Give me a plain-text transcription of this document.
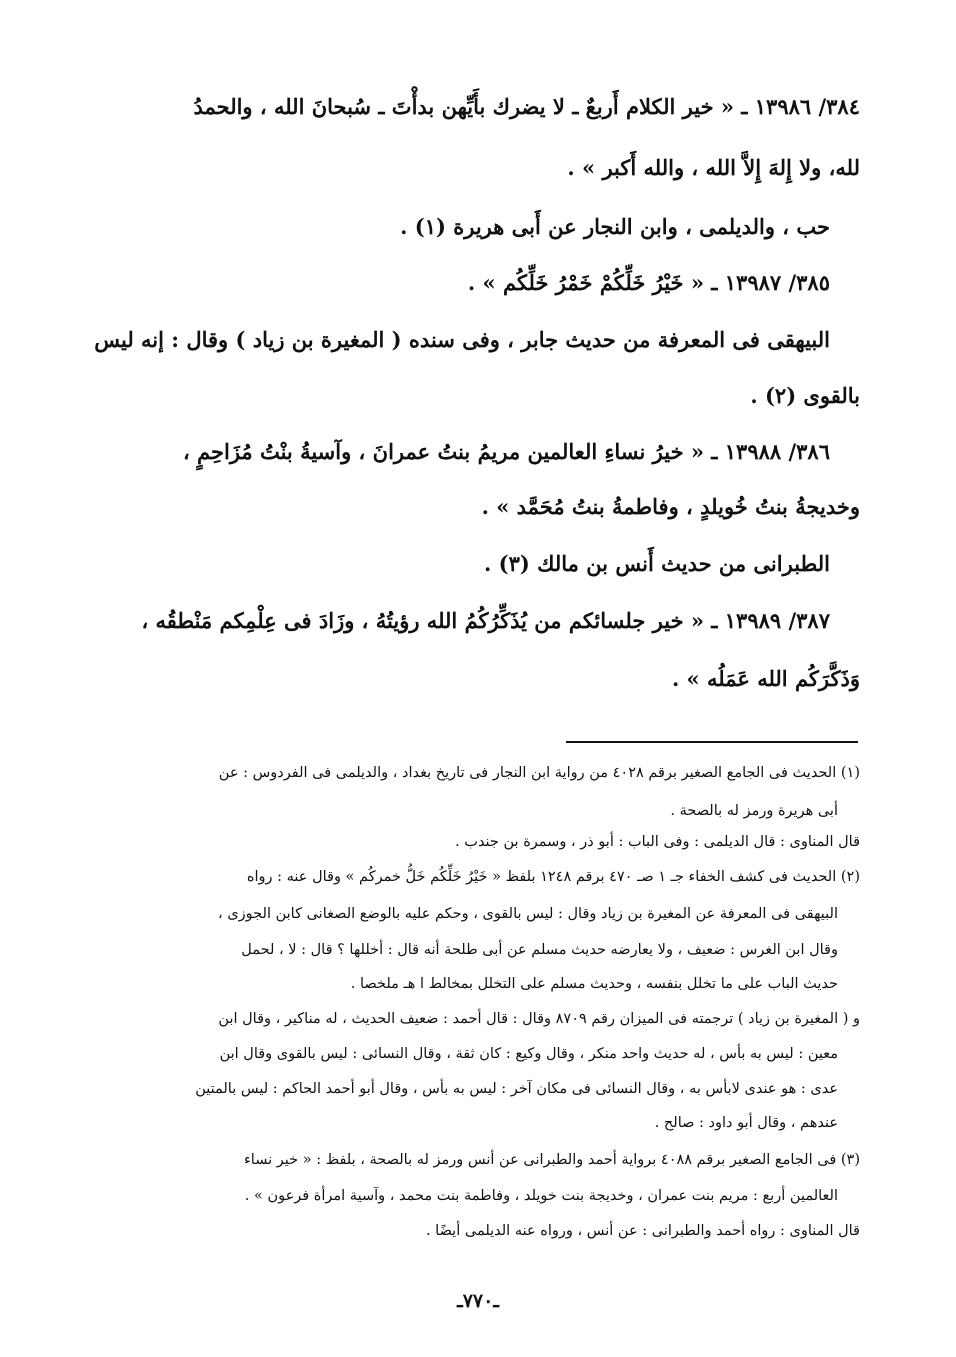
٣٨٤/ ١٣٩٨٦ ـ « خير الكلام أَربعٌ ـ لا يضرك بأَيِّهن بدأْتَ ـ سُبحانَ الله ، والحمدُ
لله، ولا إِلهَ إِلاَّ الله ، والله أَكبر » .
حب ، والديلمى ، وابن النجار عن أَبى هريرة (١) .
٣٨٥/ ١٣٩٨٧ ـ « خَيْرُ خَلِّكُمْ خَمْرُ خَلِّكُم » .
البيهقى فى المعرفة من حديث جابر ، وفى سنده ( المغيرة بن زياد ) وقال : إنه ليس
بالقوى (٢) .
٣٨٦/ ١٣٩٨٨ ـ « خيرُ نساءِ العالمين مريمُ بنتُ عمرانَ ، وآسيةُ بنْتُ مُزَاحِمٍ ،
وخديجةُ بنتُ خُويلدٍ ، وفاطمةُ بنتُ مُحَمَّد » .
الطبرانى من حديث أَنس بن مالك (٣) .
٣٨٧/ ١٣٩٨٩ ـ « خير جلسائكم من يُذَكِّرُكُمُ الله رؤيتُهُ ، وزَادَ فى عِلْمِكم مَنْطقُه ،
وَذَكَّرَكُم الله عَمَلُه » .
(١) الحديث فى الجامع الصغير برقم ٤٠٢٨ من رواية ابن النجار فى تاريخ بغداد ، والديلمى فى الفردوس : عن
أبى هريرة ورمز له بالصحة .
قال المناوى : قال الديلمى : وفى الباب : أبو ذر ، وسمرة بن جندب .
(٢) الحديث فى كشف الخفاء جـ ١ صـ ٤٧٠ برقم ١٢٤٨ بلفظ « خَيْرُ خَلِّكُم خَلُّ خمركُم » وقال عنه : رواه
البيهقى فى المعرفة عن المغيرة بن زياد وقال : ليس بالقوى ، وحكم عليه بالوضع الصغانى كابن الجوزى ،
وقال ابن الغرس : ضعيف ، ولا يعارضه حديث مسلم عن أبى طلحة أنه قال : أخللها ؟ قال : لا ، لحمل
حديث الباب على ما تخلل بنفسه ، وحديث مسلم على التخلل بمخالط ا هـ ملخصا .
و ( المغيرة بن زياد ) ترجمته فى الميزان رقم ٨٧٠٩ وقال : قال أحمد : ضعيف الحديث ، له مناكير ، وقال ابن
معين : ليس به بأس ، له حديث واحد منكر ، وقال وكيع : كان ثقة ، وقال النسائى : ليس بالقوى وقال ابن
عدى : هو عندى لابأس به ، وقال النسائى فى مكان آخر : ليس به بأس ، وقال أبو أحمد الحاكم : ليس بالمتين
عندهم ، وقال أبو داود : صالح .
(٣) فى الجامع الصغير برقم ٤٠٨٨ برواية أحمد والطبرانى عن أنس ورمز له بالصحة ، بلفظ : « خير نساء
العالمين أربع : مريم بنت عمران ، وخديجة بنت خويلد ، وفاطمة بنت محمد ، وآسية امرأة فرعون » .
قال المناوى : رواه أحمد والطبرانى : عن أنس ، ورواه عنه الديلمى أيضًا .
ـ٧٧٠ـ
